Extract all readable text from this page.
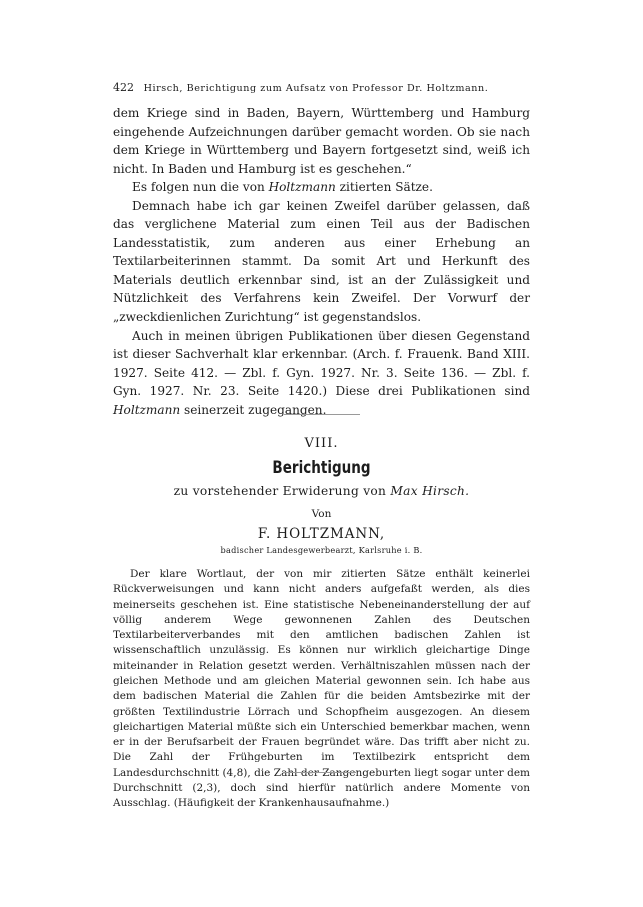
422 Hirsch, Berichtigung zum Aufsatz von Professor Dr. Holtzmann.

dem Kriege sind in Baden, Bayern, Württemberg und Hamburg eingehende Aufzeichnungen darüber gemacht worden. Ob sie nach dem Kriege in Württemberg und Bayern fortgesetzt sind, weiß ich nicht. In Baden und Hamburg ist es geschehen.“

Es folgen nun die von Holtzmann zitierten Sätze.

Demnach habe ich gar keinen Zweifel darüber gelassen, daß das verglichene Material zum einen Teil aus der Badischen Landesstatistik, zum anderen aus einer Erhebung an Textilarbeiterinnen stammt. Da somit Art und Herkunft des Materials deutlich erkennbar sind, ist an der Zulässigkeit und Nützlichkeit des Verfahrens kein Zweifel. Der Vorwurf der „zweckdienlichen Zurichtung“ ist gegenstandslos.

Auch in meinen übrigen Publikationen über diesen Gegenstand ist dieser Sachverhalt klar erkennbar. (Arch. f. Frauenk. Band XIII. 1927. Seite 412. — Zbl. f. Gyn. 1927. Nr. 3. Seite 136. — Zbl. f. Gyn. 1927. Nr. 23. Seite 1420.) Diese drei Publikationen sind Holtzmann seinerzeit zugegangen.

VIII.
Berichtigung
zu vorstehender Erwiderung von Max Hirsch.
Von
F. HOLTZMANN,
badischer Landesgewerbearzt, Karlsruhe i. B.

Der klare Wortlaut, der von mir zitierten Sätze enthält keinerlei Rückverweisungen und kann nicht anders aufgefaßt werden, als dies meinerseits geschehen ist. Eine statistische Nebeneinanderstellung der auf völlig anderem Wege gewonnenen Zahlen des Deutschen Textilarbeiterverbandes mit den amtlichen badischen Zahlen ist wissenschaftlich unzulässig. Es können nur wirklich gleichartige Dinge miteinander in Relation gesetzt werden. Verhältniszahlen müssen nach der gleichen Methode und am gleichen Material gewonnen sein. Ich habe aus dem badischen Material die Zahlen für die beiden Amtsbezirke mit der größten Textilindustrie Lörrach und Schopfheim ausgezogen. An diesem gleichartigen Material müßte sich ein Unterschied bemerkbar machen, wenn er in der Berufsarbeit der Frauen begründet wäre. Das trifft aber nicht zu. Die Zahl der Frühgeburten im Textilbezirk entspricht dem Landesdurchschnitt (4,8), die Zahl der Zangengeburten liegt sogar unter dem Durchschnitt (2,3), doch sind hierfür natürlich andere Momente von Ausschlag. (Häufigkeit der Krankenhausaufnahme.)
